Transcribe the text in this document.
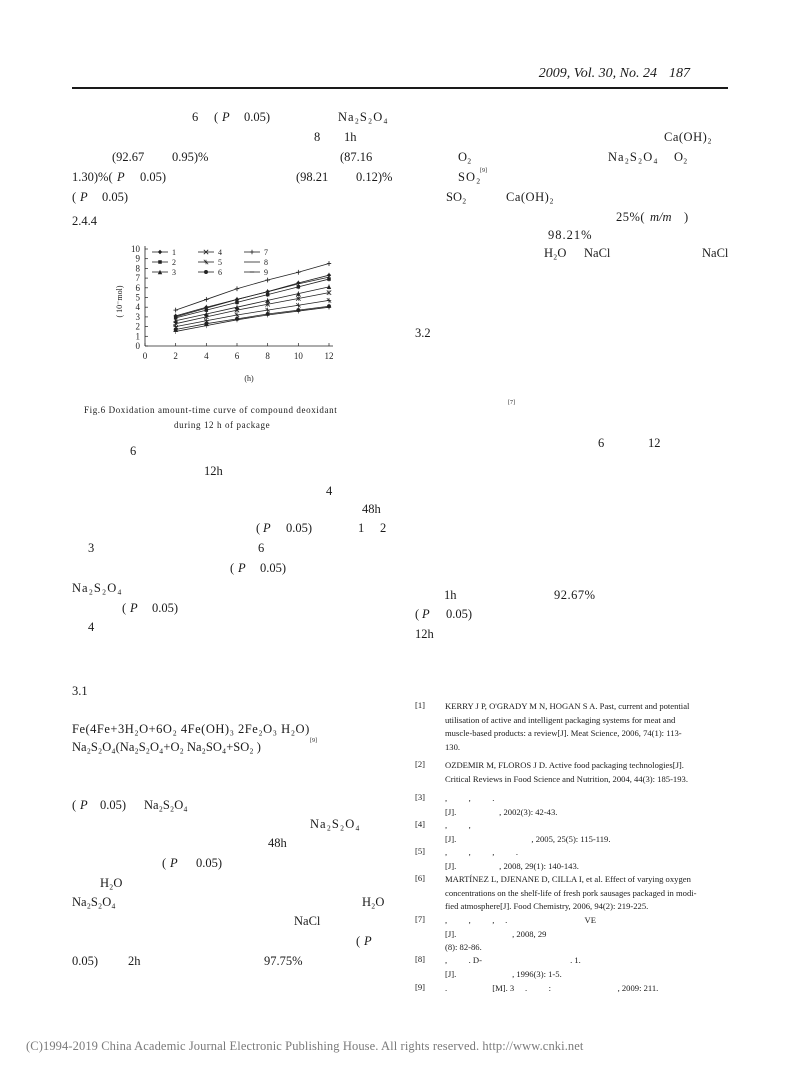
2009, Vol. 30, No. 24 187
6 ( P 0.05)	Na₂S₂O₄
8 1h
(92.67 0.95)%	(87.16
1.30)%( P 0.05)	(98.21 0.12)%
( P 0.05)
2.4.4
0
1
2
3
4
5
6
7
8
9
10
0	2	4	6	8	10 12
(h)
( 10⁻mol)
1
2
3
4
5
6
7
8
9
Fig.6 Doxidation amount-time curve of compound deoxidant
during 12 h of package
6
12h
4
48h
( P 0.05)	1 2
3	6
( P 0.05)
Na₂S₂O₄
( P 0.05)
4
3.1
Fe(4Fe+3H₂O+6O₂ 4Fe(OH)₃ 2Fe₂O₃ H₂O)
Na₂S₂O₄(Na₂S₂O₄+O₂ Na₂SO₄+SO₂ )	[9]
( P 0.05) Na₂S₂O₄
Na₂S₂O₄
48h
( P 0.05)
H₂O
Na₂S₂O₄	H₂O
NaCl
( P
0.05) 2h	97.75%
Ca(OH)₂
O₂	Na₂S₂O₄ O₂
SO₂
[9]
SO₂	Ca(OH)₂
25%( m/m )
98.21%
H₂O NaCl	NaCl
3.2
[7]
6	12
1h	92.67%
( P 0.05)
12h
[1] KERRY J P, O'GRADY M N, HOGAN S A. Past, current and potential
utilisation of active and intelligent packaging systems for meat and
muscle-based products: a review[J]. Meat Science, 2006, 74(1): 113-
130.
[2] OZDEMIR M, FLOROS J D. Active food packaging technologies[J].
Critical Reviews in Food Science and Nutrition, 2004, 44(3): 185-193.
[3] ,          ,          .
[J].                    , 2002(3): 42-43.
[4] ,          ,
[J].                                   , 2005, 25(5): 115-119.
[5] ,          ,          ,          .
[J].                    , 2008, 29(1): 140-143.
[6] MARTÍNEZ L, DJENANE D, CILLA I, et al. Effect of varying oxygen
concentrations on the shelf-life of fresh pork sausages packaged in modi-
fied atmosphere[J]. Food Chemistry, 2006, 94(2): 219-225.
[7] ,          ,          ,     .                                    VE
[J].                          , 2008, 29
(8): 82-86.
[8] ,          . D-                                         . 1.
[J].                          , 1996(3): 1-5.
[9] .                     [M]. 3     .          :                               , 2009: 211.
(C)1994-2019 China Academic Journal Electronic Publishing House. All rights reserved. http://www.cnki.net
